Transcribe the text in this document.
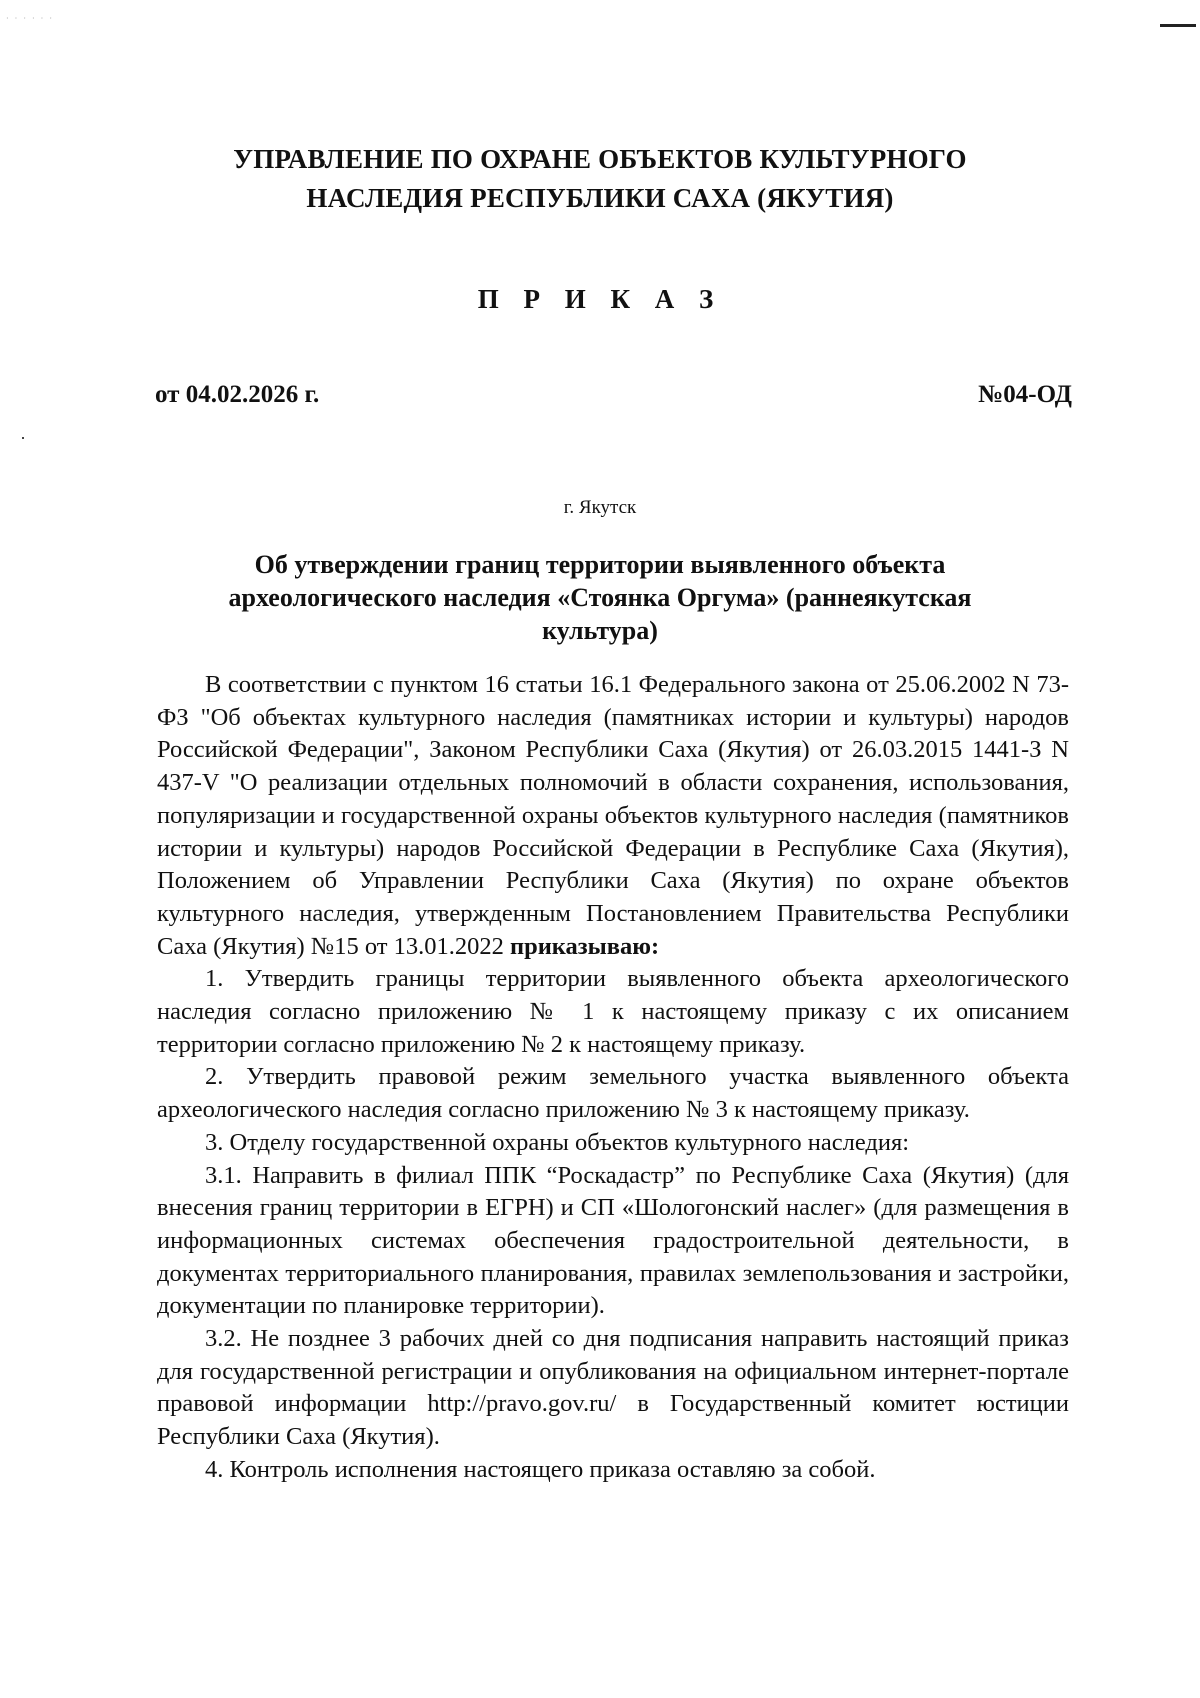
· · · · · ·
УПРАВЛЕНИЕ ПО ОХРАНЕ ОБЪЕКТОВ КУЛЬТУРНОГО
НАСЛЕДИЯ РЕСПУБЛИКИ САХА (ЯКУТИЯ)
П Р И К А З
от 04.02.2026 г.	№04-ОД
г. Якутск
Об утверждении границ территории выявленного объекта археологического наследия «Стоянка Оргума» (раннеякутская культура)

В соответствии с пунктом 16 статьи 16.1 Федерального закона от 25.06.2002 N 73-ФЗ "Об объектах культурного наследия (памятниках истории и культуры) народов Российской Федерации", Законом Республики Саха (Якутия) от 26.03.2015 1441-З N 437-V "О реализации отдельных полномочий в области сохранения, использования, популяризации и государственной охраны объектов культурного наследия (памятников истории и культуры) народов Российской Федерации в Республике Саха (Якутия), Положением об Управлении Республики Саха (Якутия) по охране объектов культурного наследия, утвержденным Постановлением Правительства Республики Саха (Якутия) №15 от 13.01.2022 приказываю:

1. Утвердить границы территории выявленного объекта археологического наследия согласно приложению № 1 к настоящему приказу с их описанием территории согласно приложению № 2 к настоящему приказу.

2. Утвердить правовой режим земельного участка выявленного объекта археологического наследия согласно приложению № 3 к настоящему приказу.

3. Отделу государственной охраны объектов культурного наследия:

3.1. Направить в филиал ППК “Роскадастр” по Республике Саха (Якутия) (для внесения границ территории в ЕГРН) и СП «Шологонский наслег» (для размещения в информационных системах обеспечения градостроительной деятельности, в документах территориального планирования, правилах землепользования и застройки, документации по планировке территории).

3.2. Не позднее 3 рабочих дней со дня подписания направить настоящий приказ для государственной регистрации и опубликования на официальном интернет-портале правовой информации http://pravo.gov.ru/ в Государственный комитет юстиции Республики Саха (Якутия).

4. Контроль исполнения настоящего приказа оставляю за собой.
